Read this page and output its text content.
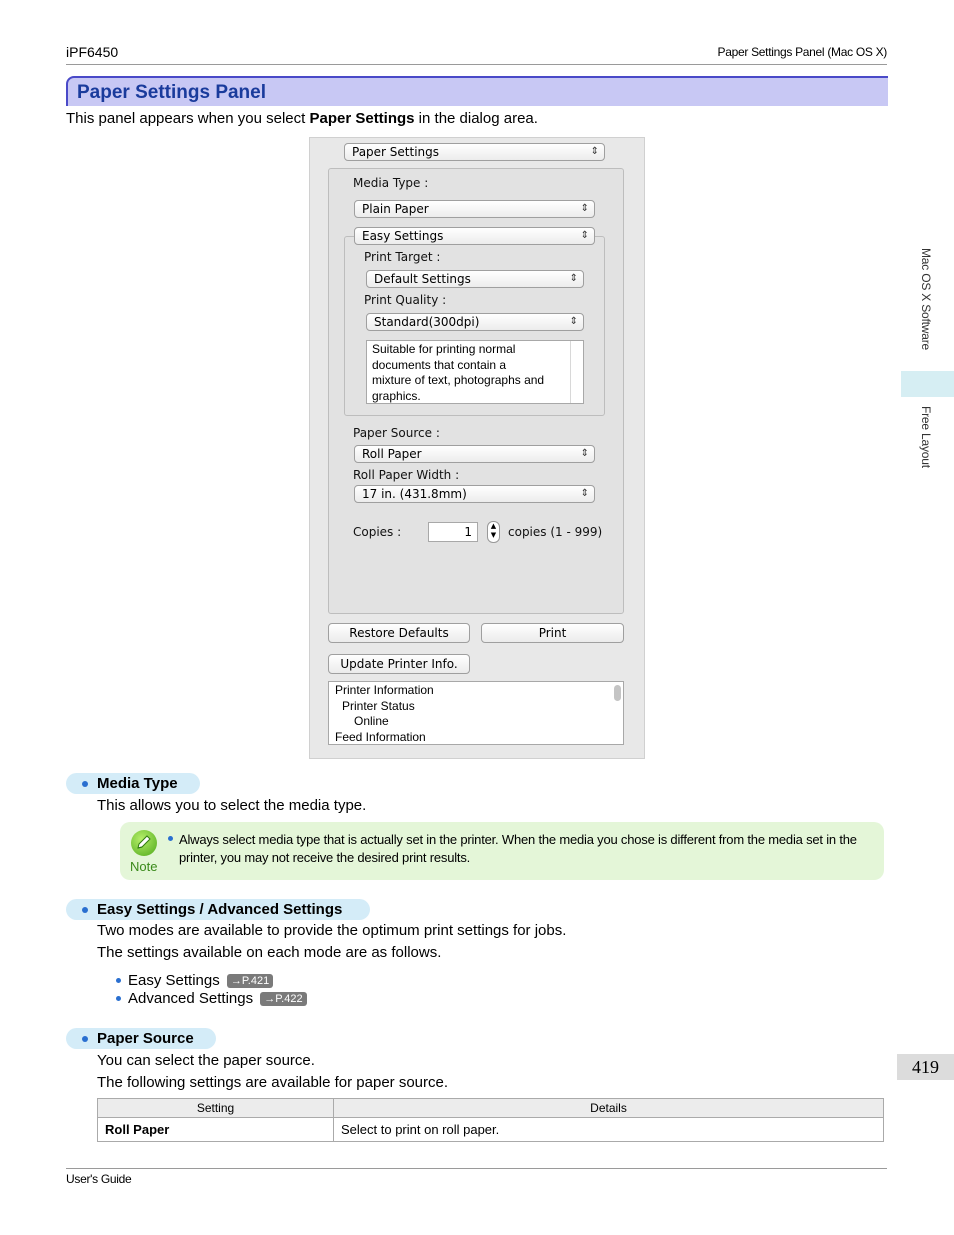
iPF6450	Paper Settings Panel (Mac OS X)
Mac OS X Software
Free Layout
419
Paper Settings Panel
This panel appears when you select Paper Settings in the dialog area.
Paper Settings	⇕
Media Type :
Plain Paper	⇕
Easy Settings	⇕
Print Target :
Default Settings	⇕
Print Quality :
Standard(300dpi)	⇕
Suitable for printing normal
documents that contain a
mixture of text, photographs and
graphics.
Paper Source :
Roll Paper	⇕
Roll Paper Width :
17 in. (431.8mm)	⇕
Copies :	1	▲
▼ copies (1 - 999)
Restore Defaults	Print
Update Printer Info.
Printer Information
Printer Status
Online
Feed Information
Media Type
This allows you to select the media type.
Note
Always select media type that is actually set in the printer. When the media you chose is different from the media set in the printer, you may not receive the desired print results.
Easy Settings / Advanced Settings
Two modes are available to provide the optimum print settings for jobs.
The settings available on each mode are as follows.
Easy Settings →P.421
Advanced Settings →P.422
Paper Source
You can select the paper source.
The following settings are available for paper source.
Setting	Details
Roll Paper	Select to print on roll paper.
User's Guide
